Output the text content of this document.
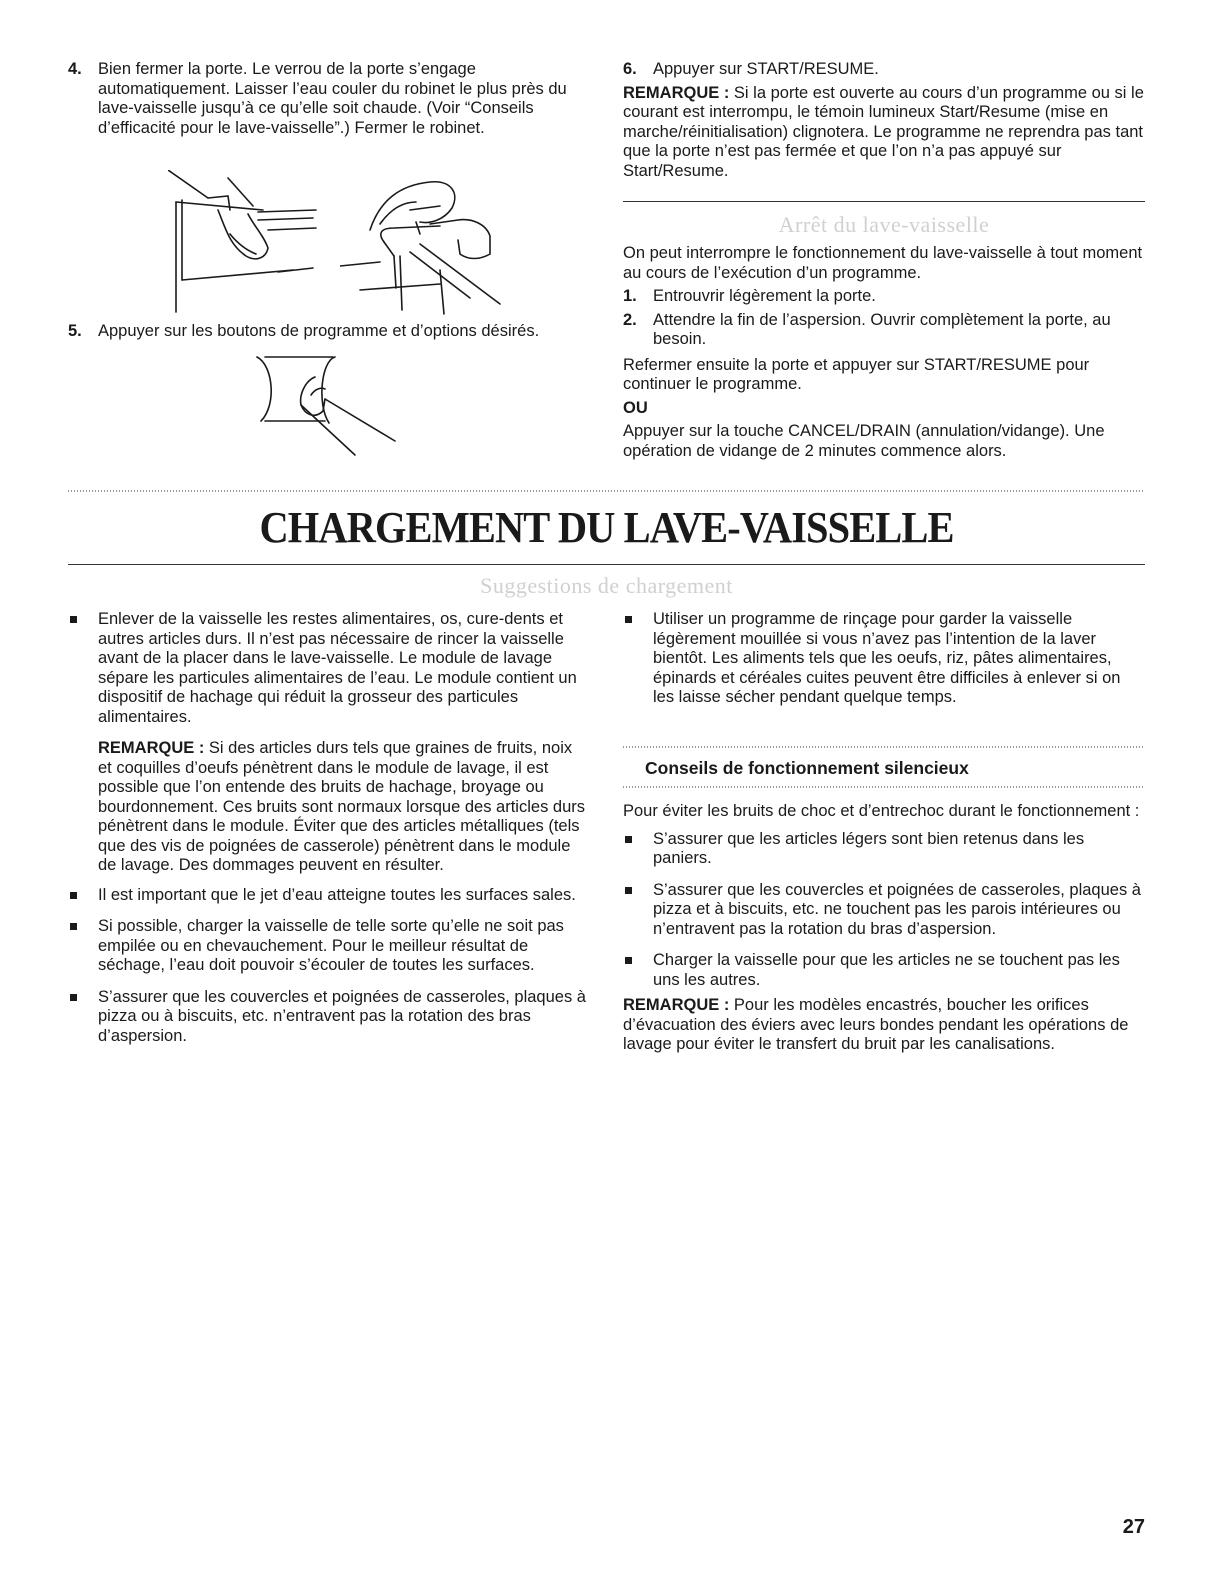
4. Bien fermer la porte. Le verrou de la porte s’engage automatiquement. Laisser l’eau couler du robinet le plus près du lave-vaisselle jusqu’à ce qu’elle soit chaude. (Voir “Conseils d’efficacité pour le lave-vaisselle”.) Fermer le robinet.
5. Appuyer sur les boutons de programme et d’options désirés.
6. Appuyer sur START/RESUME.

REMARQUE : Si la porte est ouverte au cours d’un programme ou si le courant est interrompu, le témoin lumineux Start/Resume (mise en marche/réinitialisation) clignotera. Le programme ne reprendra pas tant que la porte n’est pas fermée et que l’on n’a pas appuyé sur Start/Resume.

Arrêt du lave-vaisselle

On peut interrompre le fonctionnement du lave-vaisselle à tout moment au cours de l’exécution d’un programme.

1. Entrouvrir légèrement la porte.
2. Attendre la fin de l’aspersion. Ouvrir complètement la porte, au besoin.

Refermer ensuite la porte et appuyer sur START/RESUME pour continuer le programme.

OU

Appuyer sur la touche CANCEL/DRAIN (annulation/vidange). Une opération de vidange de 2 minutes commence alors.

CHARGEMENT DU LAVE-VAISSELLE
Suggestions de chargement
Enlever de la vaisselle les restes alimentaires, os, cure-dents et autres articles durs. Il n’est pas nécessaire de rincer la vaisselle avant de la placer dans le lave-vaisselle. Le module de lavage sépare les particules alimentaires de l’eau. Le module contient un dispositif de hachage qui réduit la grosseur des particules alimentaires.

REMARQUE : Si des articles durs tels que graines de fruits, noix et coquilles d’oeufs pénètrent dans le module de lavage, il est possible que l’on entende des bruits de hachage, broyage ou bourdonnement. Ces bruits sont normaux lorsque des articles durs pénètrent dans le module. Éviter que des articles métalliques (tels que des vis de poignées de casserole) pénètrent dans le module de lavage. Des dommages peuvent en résulter.

Il est important que le jet d’eau atteigne toutes les surfaces sales.
Si possible, charger la vaisselle de telle sorte qu’elle ne soit pas empilée ou en chevauchement. Pour le meilleur résultat de séchage, l’eau doit pouvoir s’écouler de toutes les surfaces.
S’assurer que les couvercles et poignées de casseroles, plaques à pizza ou à biscuits, etc. n’entravent pas la rotation des bras d’aspersion.
Utiliser un programme de rinçage pour garder la vaisselle légèrement mouillée si vous n’avez pas l’intention de la laver bientôt. Les aliments tels que les oeufs, riz, pâtes alimentaires, épinards et céréales cuites peuvent être difficiles à enlever si on les laisse sécher pendant quelque temps.
Conseils de fonctionnement silencieux

Pour éviter les bruits de choc et d’entrechoc durant le fonctionnement :

S’assurer que les articles légers sont bien retenus dans les paniers.
S’assurer que les couvercles et poignées de casseroles, plaques à pizza et à biscuits, etc. ne touchent pas les parois intérieures ou n’entravent pas la rotation du bras d’aspersion.
Charger la vaisselle pour que les articles ne se touchent pas les uns les autres.

REMARQUE : Pour les modèles encastrés, boucher les orifices d’évacuation des éviers avec leurs bondes pendant les opérations de lavage pour éviter le transfert du bruit par les canalisations.

27
